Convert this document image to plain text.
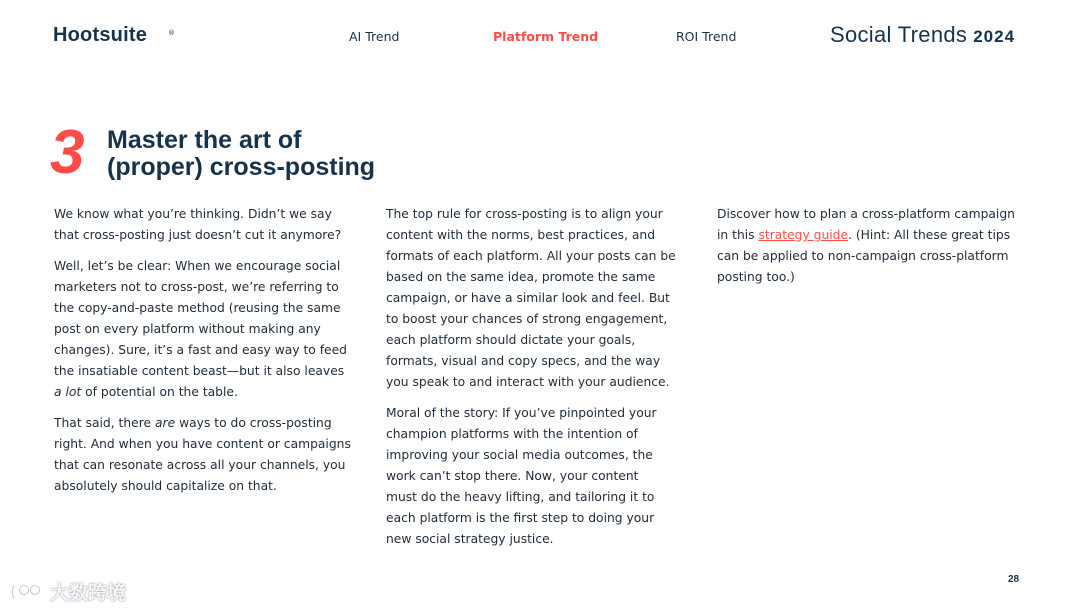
Hootsuite	®	AI Trend	Platform Trend	ROI Trend	Social Trends 2024
3 Master the art of
(proper) cross-posting

We know what you’re thinking. Didn’t we say
that cross-posting just doesn’t cut it anymore?

Well, let’s be clear: When we encourage social
marketers not to cross-post, we’re referring to
the copy-and-paste method (reusing the same
post on every platform without making any
changes). Sure, it’s a fast and easy way to feed
the insatiable content beast—but it also leaves
a lot of potential on the table.

That said, there are ways to do cross-posting
right. And when you have content or campaigns
that can resonate across all your channels, you
absolutely should capitalize on that.

The top rule for cross-posting is to align your
content with the norms, best practices, and
formats of each platform. All your posts can be
based on the same idea, promote the same
campaign, or have a similar look and feel. But
to boost your chances of strong engagement,
each platform should dictate your goals,
formats, visual and copy specs, and the way
you speak to and interact with your audience.

Moral of the story: If you’ve pinpointed your
champion platforms with the intention of
improving your social media outcomes, the
work can’t stop there. Now, your content
must do the heavy lifting, and tailoring it to
each platform is the first step to doing your
new social strategy justice.

Discover how to plan a cross-platform campaign
in this strategy guide. (Hint: All these great tips
can be applied to non-campaign cross-platform
posting too.)

28
大数跨境
